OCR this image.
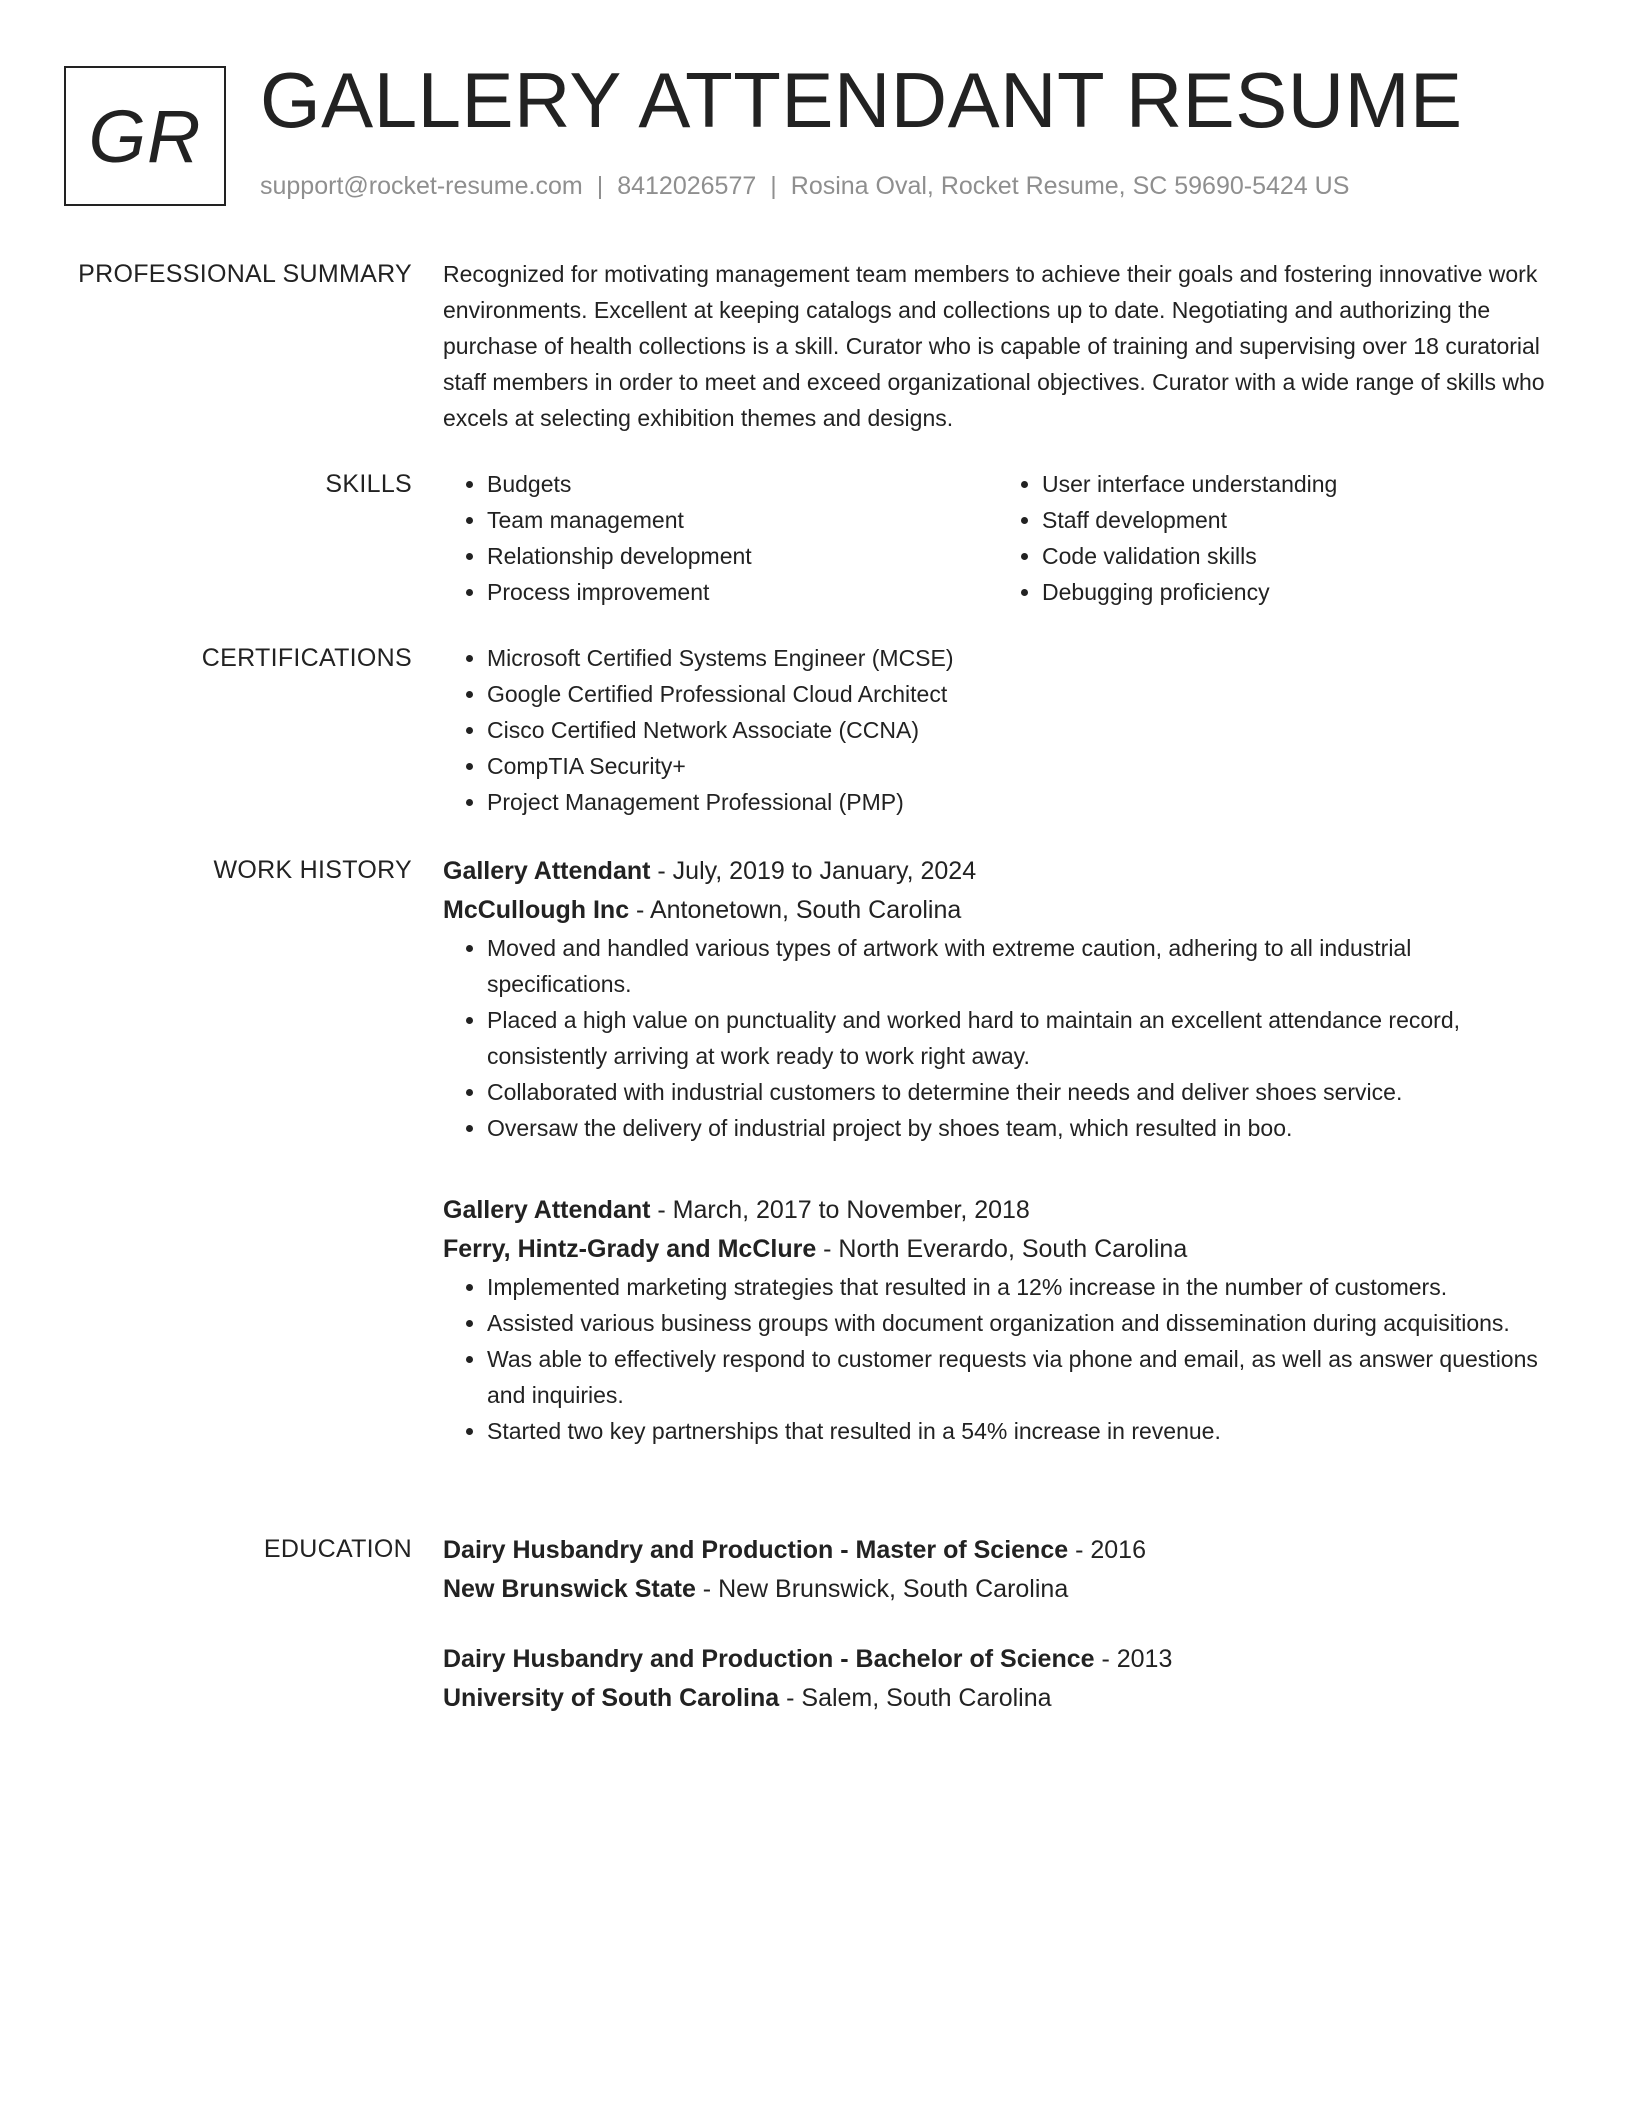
GR GALLERY ATTENDANT RESUME
support@rocket-resume.com | 8412026577 | Rosina Oval, Rocket Resume, SC 59690-5424 US
PROFESSIONAL SUMMARY Recognized for motivating management team members to achieve their goals and fostering innovative work environments. Excellent at keeping catalogs and collections up to date. Negotiating and authorizing the purchase of health collections is a skill. Curator who is capable of training and supervising over 18 curatorial staff members in order to meet and exceed organizational objectives. Curator with a wide range of skills who excels at selecting exhibition themes and designs.

SKILLS	• Budgets
• Team management
• Relationship development
• Process improvement
• User interface understanding
• Staff development
• Code validation skills
• Debugging proficiency
CERTIFICATIONS	• Microsoft Certified Systems Engineer (MCSE)
• Google Certified Professional Cloud Architect
• Cisco Certified Network Associate (CCNA)
• CompTIA Security+
• Project Management Professional (PMP)
WORK HISTORY Gallery Attendant - July, 2019 to January, 2024

McCullough Inc - Antonetown, South Carolina

• Moved and handled various types of artwork with extreme caution, adhering to all industrial specifications.
• Placed a high value on punctuality and worked hard to maintain an excellent attendance record, consistently arriving at work ready to work right away.
• Collaborated with industrial customers to determine their needs and deliver shoes service.
• Oversaw the delivery of industrial project by shoes team, which resulted in boo.

Gallery Attendant - March, 2017 to November, 2018

Ferry, Hintz-Grady and McClure - North Everardo, South Carolina

• Implemented marketing strategies that resulted in a 12% increase in the number of customers.
• Assisted various business groups with document organization and dissemination during acquisitions.
• Was able to effectively respond to customer requests via phone and email, as well as answer questions and inquiries.
• Started two key partnerships that resulted in a 54% increase in revenue.
EDUCATION Dairy Husbandry and Production - Master of Science - 2016

New Brunswick State - New Brunswick, South Carolina

Dairy Husbandry and Production - Bachelor of Science - 2013

University of South Carolina - Salem, South Carolina
